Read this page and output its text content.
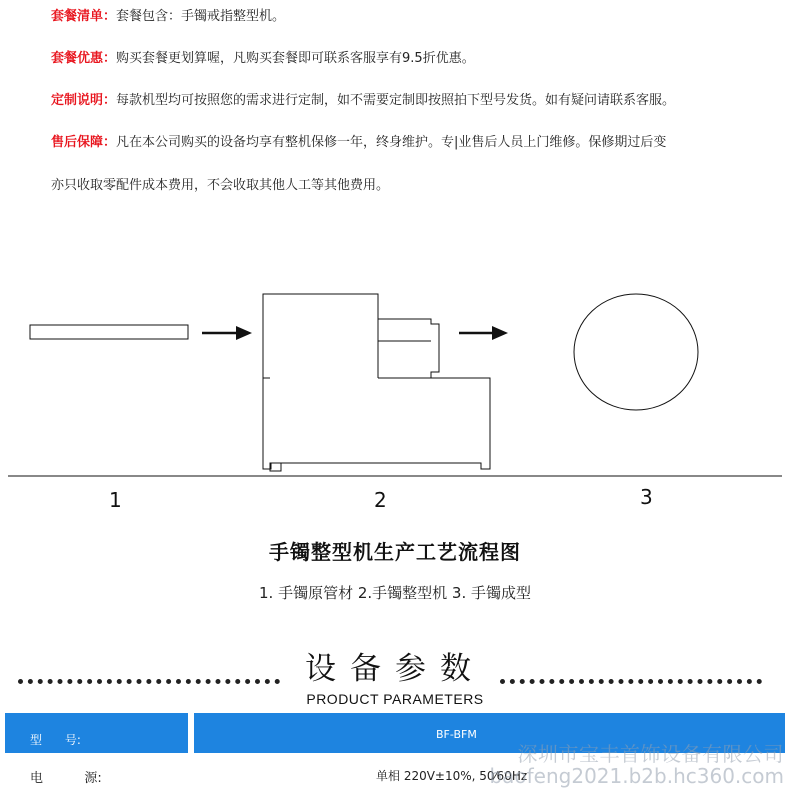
套餐清单：套餐包含：手镯戒指整型机。
套餐优惠：购买套餐更划算喔，凡购买套餐即可联系客服享有9.5折优惠。
定制说明：每款机型均可按照您的需求进行定制，如不需要定制即按照拍下型号发货。如有疑问请联系客服。
售后保障：凡在本公司购买的设备均享有整机保修一年，终身维护。专|业售后人员上门维修。保修期过后变
亦只收取零配件成本费用，不会收取其他人工等其他费用。
1	2	3
手镯整型机生产工艺流程图
1. 手镯原管材 2.手镯整型机 3. 手镯成型
设备参数
PRODUCT PARAMETERS
型      号:	BF-BFM
电          源:	单相 220V±10%, 50⁄60Hz
深圳市宝丰首饰设备有限公司
baofeng2021.b2b.hc360.com
